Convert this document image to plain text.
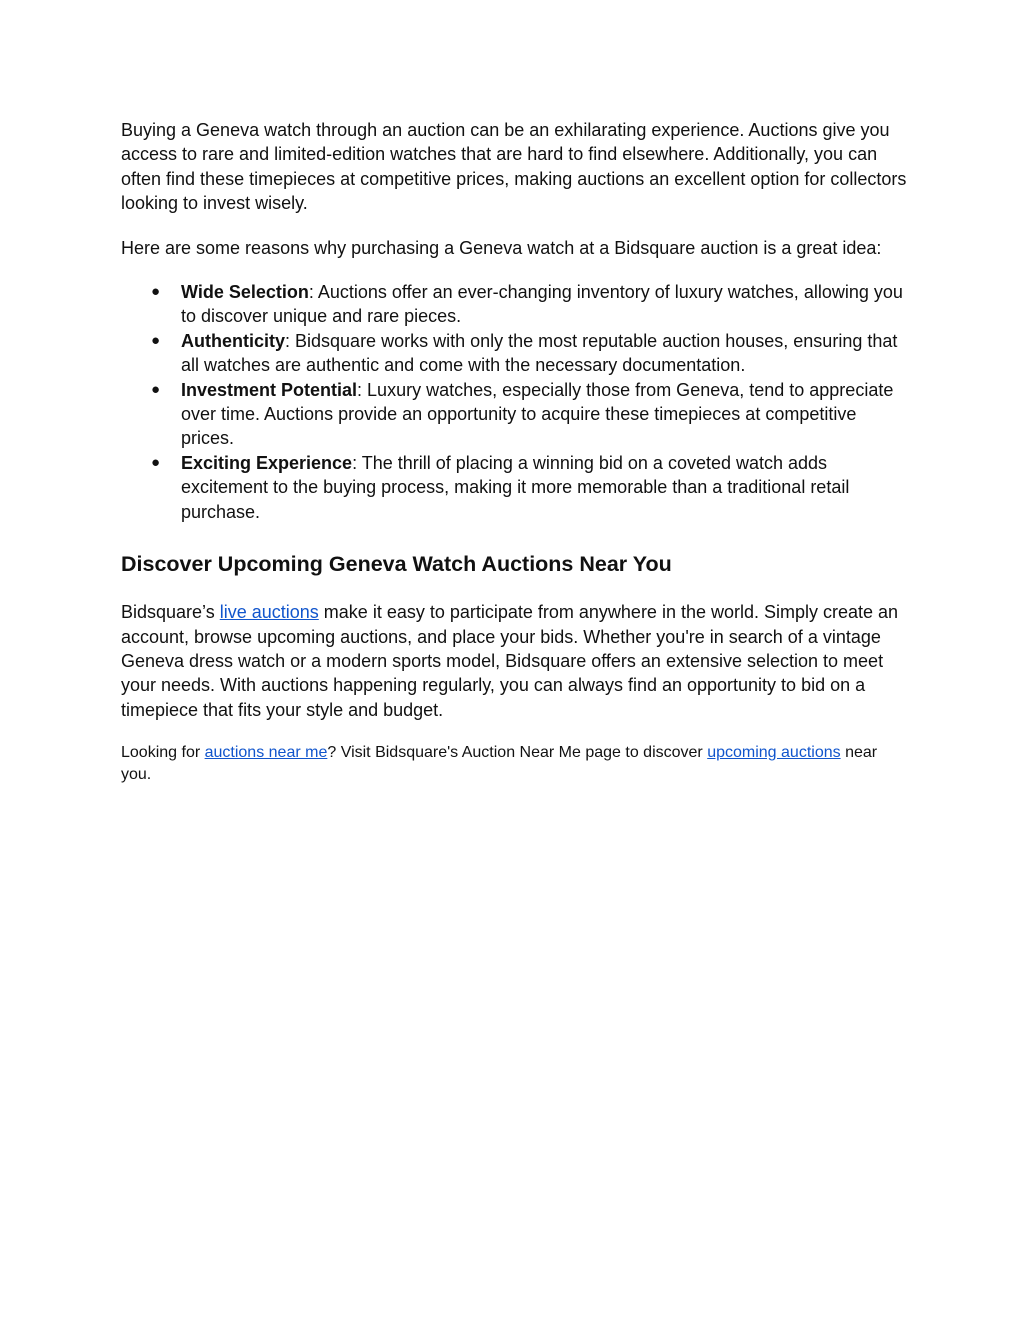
Buying a Geneva watch through an auction can be an exhilarating experience. Auctions give you access to rare and limited-edition watches that are hard to find elsewhere. Additionally, you can often find these timepieces at competitive prices, making auctions an excellent option for collectors looking to invest wisely.

Here are some reasons why purchasing a Geneva watch at a Bidsquare auction is a great idea:

● Wide Selection: Auctions offer an ever-changing inventory of luxury watches, allowing you to discover unique and rare pieces.
● Authenticity: Bidsquare works with only the most reputable auction houses, ensuring that all watches are authentic and come with the necessary documentation.
● Investment Potential: Luxury watches, especially those from Geneva, tend to appreciate over time. Auctions provide an opportunity to acquire these timepieces at competitive prices.
● Exciting Experience: The thrill of placing a winning bid on a coveted watch adds excitement to the buying process, making it more memorable than a traditional retail purchase.
Discover Upcoming Geneva Watch Auctions Near You

Bidsquare’s live auctions make it easy to participate from anywhere in the world. Simply create an account, browse upcoming auctions, and place your bids. Whether you're in search of a vintage Geneva dress watch or a modern sports model, Bidsquare offers an extensive selection to meet your needs. With auctions happening regularly, you can always find an opportunity to bid on a timepiece that fits your style and budget.

Looking for auctions near me? Visit Bidsquare's Auction Near Me page to discover upcoming auctions near you.
